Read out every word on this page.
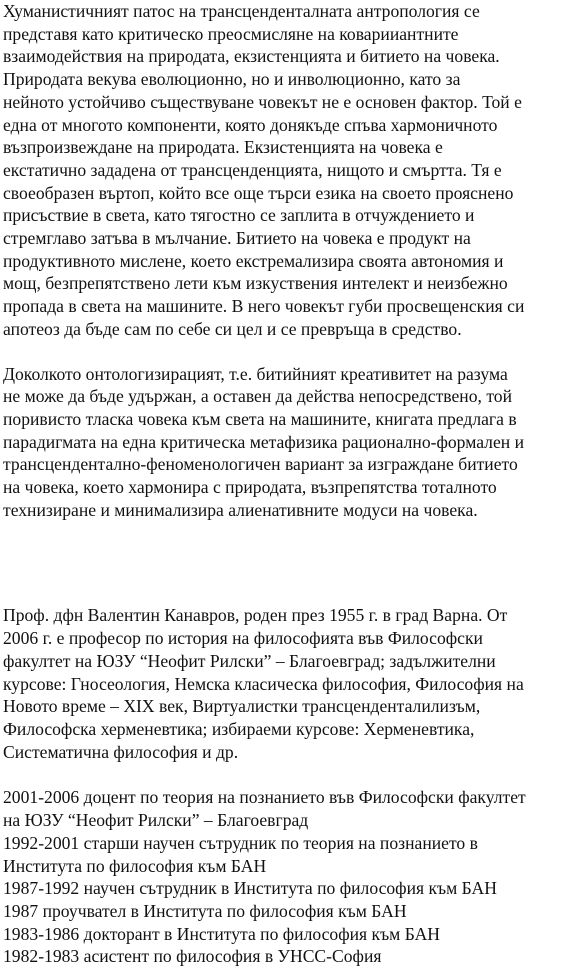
Хуманистичният патос на трансценденталната антропология се
представя като критическо преосмисляне на коварииантните
взаимодействия на природата, екзистенцията и битието на човека.
Природата векува еволюционно, но и инволюционно, като за
нейното устойчиво съществуване човекът не е основен фактор. Той е
една от многото компоненти, която донякъде спъва хармоничното
възпроизвеждане на природата. Екзистенцията на човека е
екстатично зададена от трансценденцията, нищото и смъртта. Тя е
своеобразен въртоп, който все още търси езика на своето прояснено
присъствие в света, като тягостно се заплита в отчуждението и
стремглаво затъва в мълчание. Битието на човека е продукт на
продуктивното мислене, което екстремализира своята автономия и
мощ, безпрепятствено лети към изкуствения интелект и неизбежно
пропада в света на машините. В него човекът губи просвещенския си
апотеоз да бъде сам по себе си цел и се превръща в средство.

Доколкото онтологизирацият, т.е. битийният креативитет на разума
не може да бъде удържан, а оставен да действа непосредствено, той
поривисто тласка човека към света на машините, книгата предлага в
парадигмата на една критическа метафизика рационално-формален и
трансцендентално-феноменологичен вариант за изграждане битието
на човека, което хармонира с природата, възпрепятства тоталното
технизиране и минимализира алиенативните модуси на човека.

Проф. дфн Валентин Канавров, роден през 1955 г. в град Варна. От
2006 г. е професор по история на философията във Философски
факултет на ЮЗУ “Неофит Рилски” – Благоевград; задължителни
курсове: Гносеология, Немска класическа философия, Философия на
Новото време – XIX век, Виртуалистки трансценденталилизъм,
Философска херменевтика; избираеми курсове: Херменевтика,
Систематична философия и др.

2001-2006 доцент по теория на познанието във Философски факултет
на ЮЗУ “Неофит Рилски” – Благоевград
1992-2001 старши научен сътрудник по теория на познанието в
Института по философия към БАН
1987-1992 научен сътрудник в Института по философия към БАН
1987 проучвател в Института по философия към БАН
1983-1986 докторант в Института по философия към БАН
1982-1983 асистент по философия в УНСС-София
